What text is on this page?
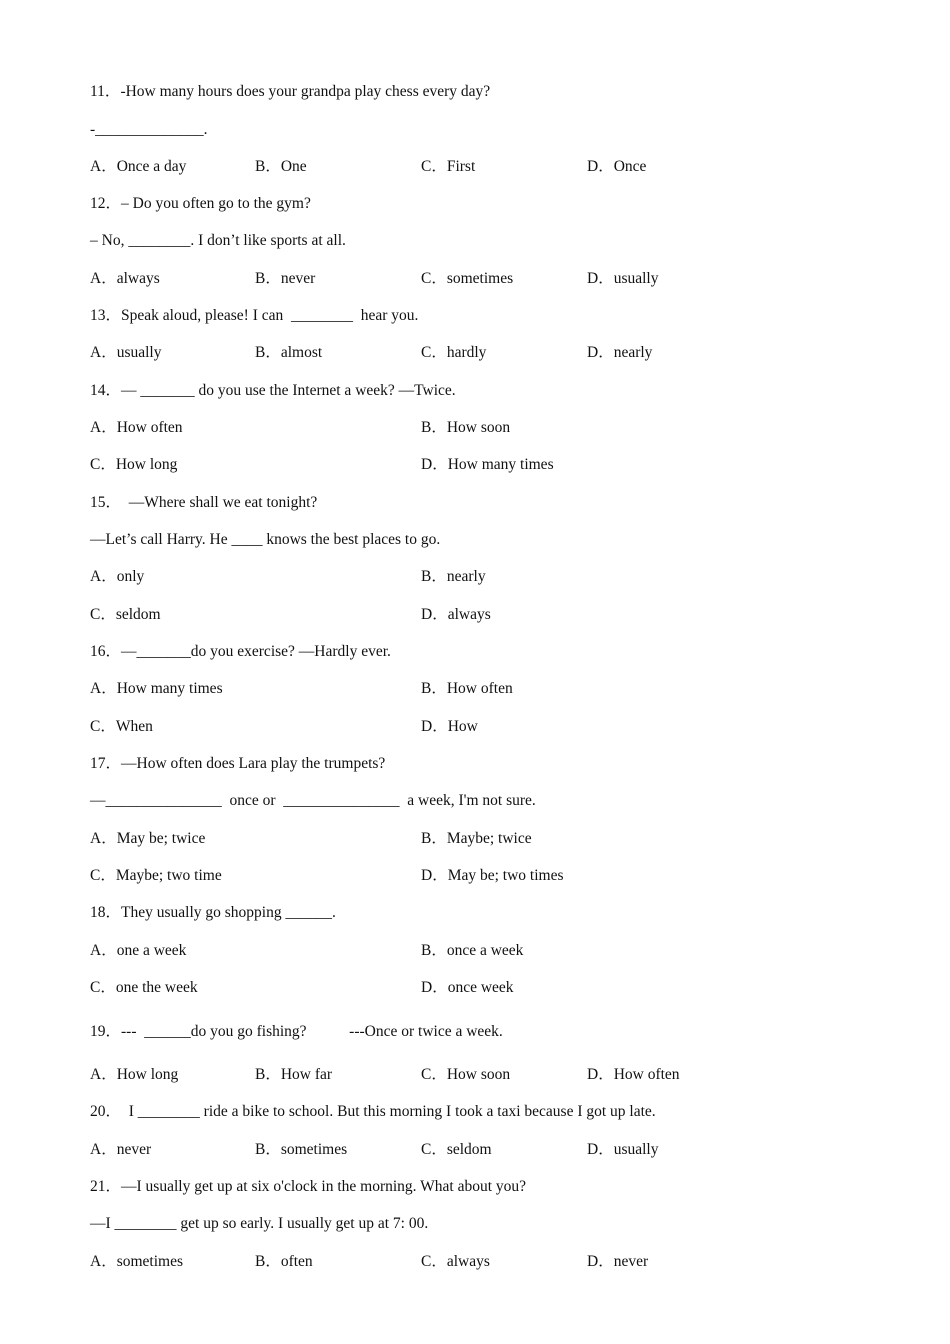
11．-How many hours does your grandpa play chess every day?
-______________.
A．Once a day	B．One	C．First	D．Once
12．– Do you often go to the gym?
– No, ________. I don’t like sports at all.
A．always	B．never	C．sometimes	D．usually
13．Speak aloud, please! I can  ________  hear you.
A．usually	B．almost	C．hardly	D．nearly
14．— _______ do you use the Internet a week? —Twice.
A．How often	B．How soon
C．How long	D．How many times
15．  —Where shall we eat tonight?
—Let’s call Harry. He ____ knows the best places to go.
A．only	B．nearly
C．seldom	D．always
16．—_______do you exercise? —Hardly ever.
A．How many times	B．How often
C．When	D．How
17．—How often does Lara play the trumpets?
—_______________  once or  _______________  a week, I'm not sure.
A．May be; twice	B．Maybe; twice
C．Maybe; two time	D．May be; two times
18．They usually go shopping ______.
A．one a week	B．once a week
C．one the week	D．once week
19．---  ______do you go fishing?           ---Once or twice a week.
A．How long	B．How far	C．How soon	D．How often
20．  I ________ ride a bike to school. But this morning I took a taxi because I got up late.
A．never	B．sometimes	C．seldom	D．usually
21．—I usually get up at six o'clock in the morning. What about you?
—I ________ get up so early. I usually get up at 7: 00.
A．sometimes	B．often	C．always	D．never
